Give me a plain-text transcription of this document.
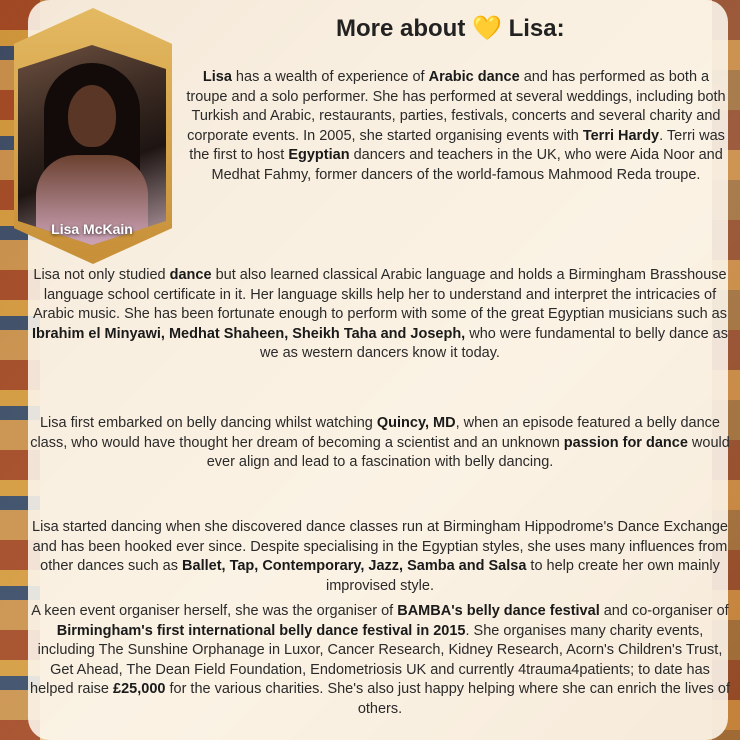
Lisa McKain
More about 💛 Lisa:
Lisa has a wealth of experience of Arabic dance and has performed as both a troupe and a solo performer. She has performed at several weddings, including both Turkish and Arabic, restaurants, parties, festivals, concerts and several charity and corporate events. In 2005, she started organising events with Terri Hardy. Terri was the first to host Egyptian dancers and teachers in the UK, who were Aida Noor and Medhat Fahmy, former dancers of the world-famous Mahmood Reda troupe.
Lisa not only studied dance but also learned classical Arabic language and holds a Birmingham Brasshouse language school certificate in it. Her language skills help her to understand and interpret the intricacies of Arabic music. She has been fortunate enough to perform with some of the great Egyptian musicians such as Ibrahim el Minyawi, Medhat Shaheen, Sheikh Taha and Joseph, who were fundamental to belly dance as we as western dancers know it today.
Lisa first embarked on belly dancing whilst watching Quincy, MD, when an episode featured a belly dance class, who would have thought her dream of becoming a scientist and an unknown passion for dance would ever align and lead to a fascination with belly dancing.
Lisa started dancing when she discovered dance classes run at Birmingham Hippodrome's Dance Exchange and has been hooked ever since. Despite specialising in the Egyptian styles, she uses many influences from other dances such as Ballet, Tap, Contemporary, Jazz, Samba and Salsa to help create her own mainly improvised style.
A keen event organiser herself, she was the organiser of BAMBA's belly dance festival and co-organiser of Birmingham's first international belly dance festival in 2015. She organises many charity events, including The Sunshine Orphanage in Luxor, Cancer Research, Kidney Research, Acorn's Children's Trust, Get Ahead, The Dean Field Foundation, Endometriosis UK and currently 4trauma4patients; to date has helped raise £25,000 for the various charities. She's also just happy helping where she can enrich the lives of others.
